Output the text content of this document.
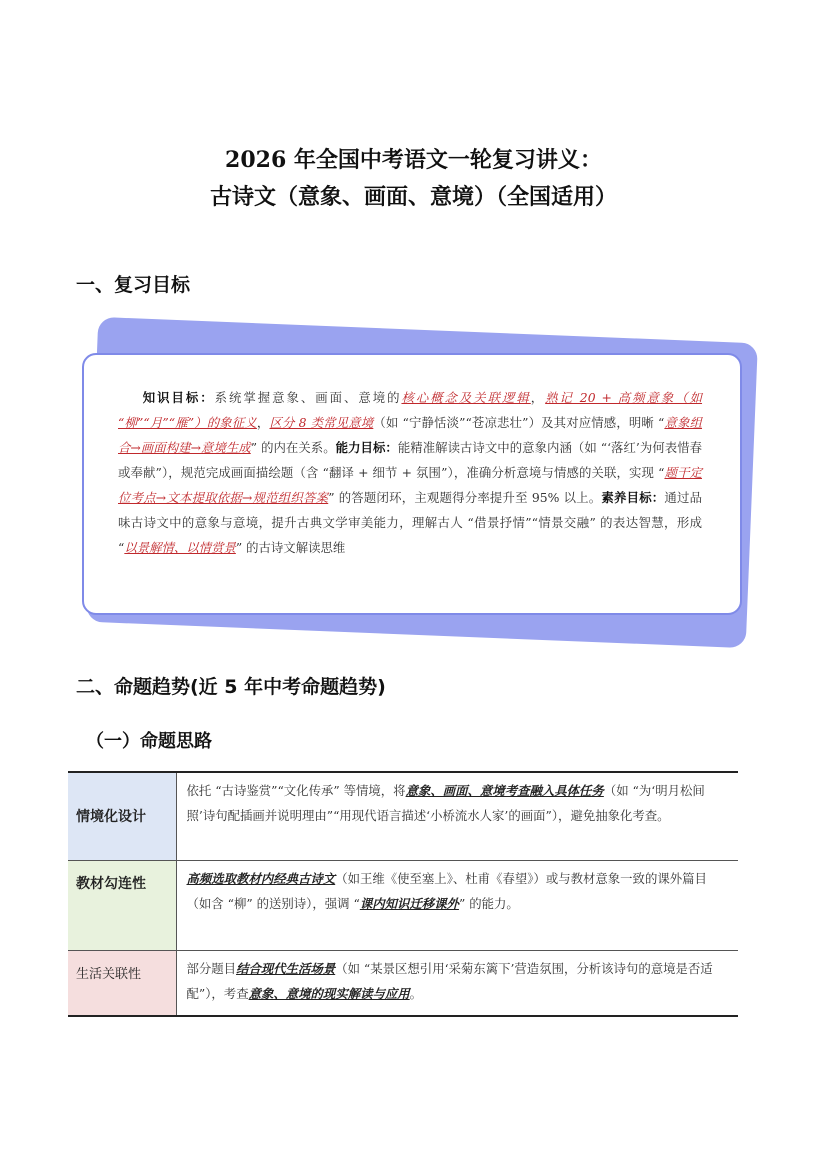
2026 年全国中考语文一轮复习讲义：
古诗文（意象、画面、意境）（全国适用）
一、复习目标
知识目标：系统掌握意象、画面、意境的核心概念及关联逻辑，熟记 20 + 高频意象（如 “柳”“月”“雁”）的象征义，区分 8 类常见意境（如 “宁静恬淡”“苍凉悲壮”）及其对应情感，明晰 “意象组合→画面构建→意境生成” 的内在关系。能力目标：能精准解读古诗文中的意象内涵（如 “‘落红’为何表惜春或奉献”），规范完成画面描绘题（含 “翻译 + 细节 + 氛围”），准确分析意境与情感的关联，实现 “题干定位考点→文本提取依据→规范组织答案” 的答题闭环，主观题得分率提升至 95% 以上。素养目标：通过品味古诗文中的意象与意境，提升古典文学审美能力，理解古人 “借景抒情”“情景交融” 的表达智慧，形成 “以景解情、以情赏景” 的古诗文解读思维
二、命题趋势(近 5 年中考命题趋势)
（一）命题思路
情境化设计	依托 “古诗鉴赏”“文化传承” 等情境，将意象、画面、意境考查融入具体任务（如 “为‘明月松间照’诗句配插画并说明理由”“用现代语言描述‘小桥流水人家’的画面”），避免抽象化考查。
教材勾连性	高频选取教材内经典古诗文（如王维《使至塞上》、杜甫《春望》）或与教材意象一致的课外篇目（如含 “柳” 的送别诗），强调 “课内知识迁移课外” 的能力。
生活关联性	部分题目结合现代生活场景（如 “某景区想引用‘采菊东篱下’营造氛围，分析该诗句的意境是否适配”），考查意象、意境的现实解读与应用。
